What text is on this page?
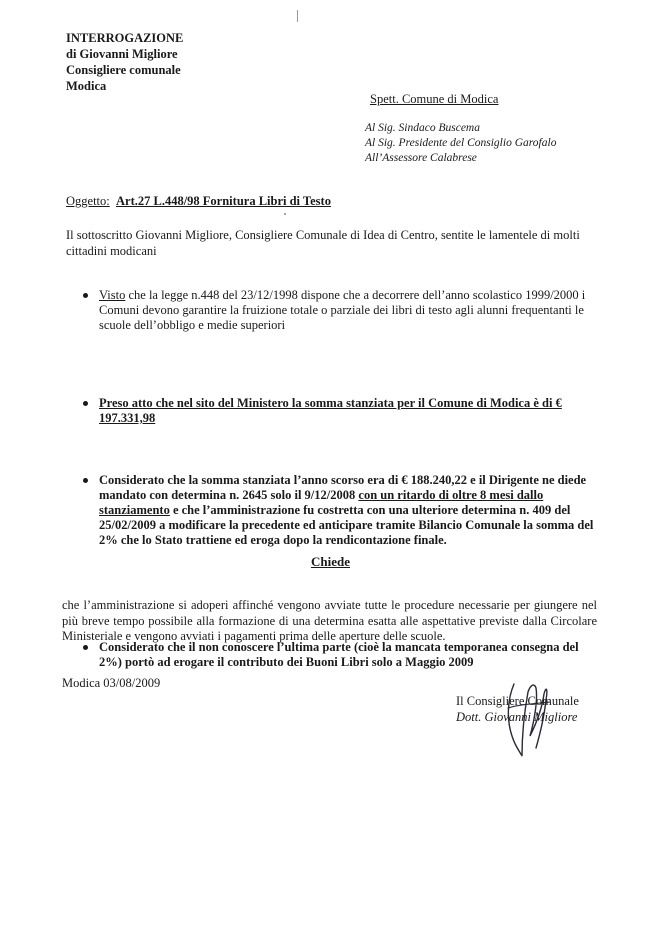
INTERROGAZIONE
di Giovanni Migliore
Consigliere comunale
Modica
Spett. Comune di Modica
Al Sig. Sindaco Buscema
Al Sig. Presidente del Consiglio Garofalo
All’Assessore Calabrese
Oggetto: Art.27 L.448/98 Fornitura Libri di Testo
Il sottoscritto Giovanni Migliore, Consigliere Comunale di Idea di Centro, sentite le lamentele di molti cittadini modicani
Visto che la legge n.448 del 23/12/1998 dispone che a decorrere dell’anno scolastico 1999/2000 i Comuni devono garantire la fruizione totale o parziale dei libri di testo agli alunni frequentanti le scuole dell’obbligo e medie superiori
Preso atto che nel sito del Ministero la somma stanziata per il Comune di Modica è di € 197.331,98
Considerato che la somma stanziata l’anno scorso era di € 188.240,22 e il Dirigente ne diede mandato con determina n. 2645 solo il 9/12/2008 con un ritardo di oltre 8 mesi dallo stanziamento e che l’amministrazione fu costretta con una ulteriore determina n. 409 del 25/02/2009 a modificare la precedente ed anticipare tramite Bilancio Comunale la somma del 2% che lo Stato trattiene ed eroga dopo la rendicontazione finale.
Considerato che il non conoscere l’ultima parte (cioè la mancata temporanea consegna del 2%) portò ad erogare il contributo dei Buoni Libri solo a Maggio 2009
Chiede
che l’amministrazione si adoperi affinché vengono avviate tutte le procedure necessarie per giungere nel più breve tempo possibile alla formazione di una determina esatta alle aspettative previste dalla Circolare Ministeriale e vengono avviati i pagamenti prima delle aperture delle scuole.
Modica 03/08/2009
Il Consigliere Comunale
Dott. Giovanni Migliore
